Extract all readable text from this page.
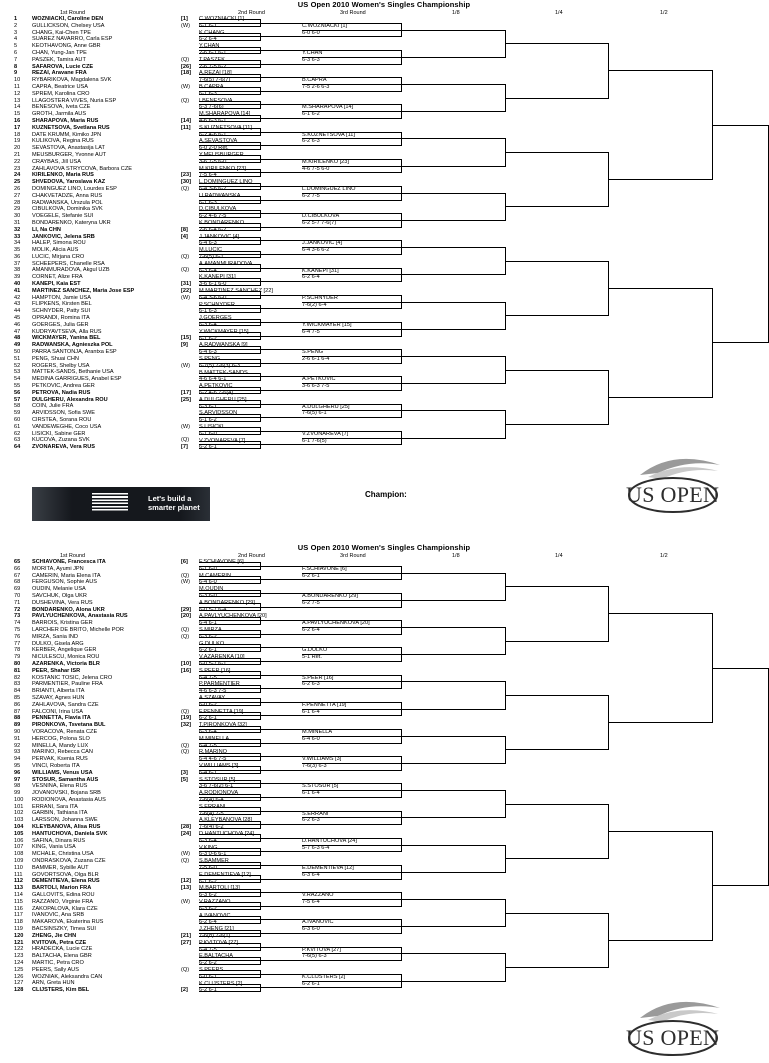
US Open 2010 Women's Singles Championship
1st Round	2nd Round	3rd Round	1/8	1/4	1/2
1	WOZNIACKI, Caroline DEN	[1]
2	GULLICKSON, Chelsey USA	(W)
3	CHANG, Kai-Chen TPE
4	SUAREZ NAVARRO, Carla ESP
5	KEOTHAVONG, Anne GBR
6	CHAN, Yung-Jan TPE
7	PASZEK, Tamira AUT	(Q)
8	SAFAROVA, Lucie CZE	[26]
9	REZAI, Aravane FRA	[18]
10	RYBARIKOVA, Magdalena SVK
11	CAPRA, Beatrice USA	(W)
12	SPREM, Karolina CRO
13	LLAGOSTERA VIVES, Nuria ESP	(Q)
14	BENESOVA, Iveta CZE
15	GROTH, Jarmila AUS
16	SHARAPOVA, Maria RUS	[14]
17	KUZNETSOVA, Svetlana RUS	[11]
18	DATE KRUMM, Kimiko JPN
19	KULIKOVA, Regina RUS
20	SEVASTOVA, Anastasija LAT
21	MEUSBURGER, Yvonne AUT
22	CRAYBAS, Jill USA
23	ZAHLAVOVA STRYCOVA, Barbora CZE
24	KIRILENKO, Maria RUS	[23]
25	SHVEDOVA, Yaroslava KAZ	[30]
26	DOMINGUEZ LINO, Lourdes ESP	(Q)
27	CHAKVETADZE, Anna RUS
28	RADWANSKA, Urszula POL
29	CIBULKOVA, Dominika SVK
30	VOEGELE, Stefanie SUI
31	BONDARENKO, Kateryna UKR
32	LI, Na CHN	[8]
33	JANKOVIC, Jelena SRB	[4]
34	HALEP, Simona ROU
35	MOLIK, Alicia AUS
36	LUCIC, Mirjana CRO	(Q)
37	SCHEEPERS, Chanelle RSA
38	AMANMURADOVA, Akgul UZB	(Q)
39	CORNET, Alize FRA
40	KANEPI, Kaia EST	[31]
41	MARTINEZ SANCHEZ, Maria Jose ESP	[22]
42	HAMPTON, Jamie USA	(W)
43	FLIPKENS, Kirsten BEL
44	SCHNYDER, Patty SUI
45	OPRANDI, Romina ITA
46	GOERGES, Julia GER
47	KUDRYAVTSEVA, Alla RUS
48	WICKMAYER, Yanina BEL	[15]
49	RADWANSKA, Agnieszka POL	[9]
50	PARRA SANTONJA, Arantxa ESP
51	PENG, Shuai CHN
52	ROGERS, Shelby USA	(W)
53	MATTEK-SANDS, Bethanie USA
54	MEDINA GARRIGUES, Anabel ESP
55	PETKOVIC, Andrea GER
56	PETROVA, Nadia RUS	[17]
57	DULGHERU, Alexandra ROU	[25]
58	COIN, Julie FRA
59	ARVIDSSON, Sofia SWE
60	CIRSTEA, Sorana ROU
61	VANDEWEGHE, Coco USA	(W)
62	LISICKI, Sabine GER
63	KUCOVA, Zuzana SVK	(Q)
64	ZVONAREVA, Vera RUS	[7]
C.WOZNIACKI [1]
6-1 6-1
K.CHANG
6-2 6-4
Y.CHAN
2-6 6-1 6-1
T.PASZEK
2-6 7-5 6-2
A.REZAI [18]
7-6(5) 7-6(7)
B.CAPRA
6-1 6-3
I.BENESOVA
6-3 7-6(6)
M.SHARAPOVA [14]
4-6 6-3 6-1
S.KUZNETSOVA [11]
6-2 4-6 6-1
A.SEVASTOVA
6-0 2-0 Ret.
Y.MEUSBURGER
3-6 7-5 6-0
M.KIRILENKO [23]
7-5 6-4
L.DOMINGUEZ LINO
6-4 3-6 6-2
U.RADWANSKA
6-1 6-3
D.CIBULKOVA
6-2 4-6 7-5
K.BONDARENKO
2-6 6-4 6-2
J.JANKOVIC [4]
6-4 6-3
M.LUCIC
7-6(5) 6-1
A.AMANMURADOVA
6-3 6-4
K.KANEPI [31]
3-6 6-1 6-0
M.MARTINEZ SANCHEZ [22]
6-4 3-6 6-0
P.SCHNYDER
6-1 6-3
J.GOERGES
6-3 6-4
Y.WICKMAYER [15]
6-1 6-2
A.RADWANSKA [9]
6-4 6-3
S.PENG
6-7(5) 7-6(3) 6-3
B.MATTEK-SANDS
4-6 6-4 6-1
A.PETKOVIC
6-2 4-6 7-6(4)
A.DULGHERU [25]
6-3 6-1
S.ARVIDSSON
6-1 6-2
S.LISICKI
6-1 6-0
V.ZVONAREVA [7]
6-2 6-1
C.WOZNIACKI [1]
6-0 6-0
Y.CHAN
6-3 6-3
B.CAPRA
7-5 2-6 6-3
M.SHARAPOVA [14]
6-1 6-2
S.KUZNETSOVA [11]
6-2 6-3
M.KIRILENKO [23]
4-6 7-5 6-0
L.DOMINGUEZ LINO
6-2 7-5
D.CIBULKOVA
6-2 5-7 7-6(7)
J.JANKOVIC [4]
6-4 3-6 6-2
K.KANEPI [31]
6-2 6-4
P.SCHNYDER
7-6(2) 6-4
Y.WICKMAYER [15]
6-4 7-5
S.PENG
2-6 6-1 6-4
A.PETKOVIC
3-6 6-3 7-5
A.DULGHERU [25]
7-6(5) 6-1
V.ZVONAREVA [7]
6-1 7-6(5)
Let's build a
smarter planet
Champion:	US OPEN
US Open 2010 Women's Singles Championship
1st Round	2nd Round	3rd Round	1/8	1/4	1/2
65	SCHIAVONE, Francesca ITA	[6]
66	MORITA, Ayumi JPN
67	CAMERIN, Maria Elena ITA	(Q)
68	FERGUSON, Sophie AUS	(W)
69	OUDIN, Melanie USA
70	SAVCHUK, Olga UKR
71	DUSHEVINA, Vera RUS
72	BONDARENKO, Alona UKR	[29]
73	PAVLYUCHENKOVA, Anastasia RUS	[20]
74	BARROIS, Kristina GER
75	LARCHER DE BRITO, Michelle POR	(Q)
76	MIRZA, Sania IND	(Q)
77	DULKO, Gisela ARG
78	KERBER, Angelique GER
79	NICULESCU, Monica ROU
80	AZARENKA, Victoria BLR	[10]
81	PEER, Shahar ISR	[16]
82	KOSTANIC TOSIC, Jelena CRO
83	PARMENTIER, Pauline FRA
84	BRIANTI, Alberta ITA
85	SZAVAY, Agnes HUN
86	ZAHLAVOVA, Sandra CZE
87	FALCONI, Irina USA	(Q)
88	PENNETTA, Flavia ITA	[19]
89	PIRONKOVA, Tsvetana BUL	[32]
90	VORACOVA, Renata CZE
91	HERCOG, Polona SLO
92	MINELLA, Mandy LUX	(Q)
93	MARINO, Rebecca CAN	(Q)
94	PERVAK, Ksenia RUS
95	VINCI, Roberta ITA
96	WILLIAMS, Venus USA	[3]
97	STOSUR, Samantha AUS	[5]
98	VESNINA, Elena RUS
99	JOVANOVSKI, Bojana SRB
100	RODIONOVA, Anastasia AUS
101	ERRANI, Sara ITA
102	GARBIN, Tathiana ITA
103	LARSSON, Johanna SWE
104	KLEYBANOVA, Alisa RUS	[28]
105	HANTUCHOVA, Daniela SVK	[24]
106	SAFINA, Dinara RUS
107	KING, Vania USA
108	MCHALE, Christina USA	(W)
109	ONDRASKOVA, Zuzana CZE	(Q)
110	BAMMER, Sybille AUT
111	GOVORTSOVA, Olga BLR
112	DEMENTIEVA, Elena RUS	[12]
113	BARTOLI, Marion FRA	[13]
114	GALLOVITS, Edina ROU
115	RAZZANO, Virginie FRA	(W)
116	ZAKOPALOVA, Klara CZE
117	IVANOVIC, Ana SRB
118	MAKAROVA, Ekaterina RUS
119	BACSINSZKY, Timea SUI
120	ZHENG, Jie CHN	[21]
121	KVITOVA, Petra CZE	[27]
122	HRADECKA, Lucie CZE
123	BALTACHA, Elena GBR
124	MARTIC, Petra CRO
125	PEERS, Sally AUS	(Q)
126	WOZNIAK, Aleksandra CAN
127	ARN, Greta HUN
128	CLIJSTERS, Kim BEL	[2]
F.SCHIAVONE [6]
6-1 6-0
M.CAMERIN
6-4 6-0
M.OUDIN
6-3 6-0
A.BONDARENKO [29]
6-0 5-7 6-4
A.PAVLYUCHENKOVA [20]
6-4 6-1
S.MIRZA
6-3 6-2
G.DULKO
6-2 6-1
V.AZARENKA [10]
6-0 5-7 6-1
S.PEER [16]
6-4 7-5
P.PARMENTIER
4-6 6-3 7-5
A.SZAVAY
6-0 6-2
F.PENNETTA [19]
6-2 6-1
T.PIRONKOVA [32]
6-3 6-4
M.MINELLA
6-4 7-5
R.MARINO
6-4 4-6 7-5
V.WILLIAMS [3]
6-4 6-1
S.STOSUR [5]
3-6 7-6(2) 6-1
A.RODIONOVA
7-6(4) 6-4
S.ERRANI
7-6(4) 7-5
A.KLEYBANOVA [28]
7-6(4) 6-2
D.HANTUCHOVA [24]
6-3 6-4
V.KING
6-3 0-6 6-1
S.BAMMER
7-5 6-0
E.DEMENTIEVA [12]
6-1 6-2
M.BARTOLI [13]
6-3 6-2
V.RAZZANO
6-3 6-2
A.IVANOVIC
6-2 6-4
J.ZHENG [21]
7-6(8) 7-6(1)
P.KVITOVA [27]
6-4 7-5
E.BALTACHA
6-2 6-2
S.PEERS
6-0 6-1
K.CLIJSTERS [2]
6-2 6-1
F.SCHIAVONE [6]
6-2 6-1
A.BONDARENKO [29]
6-2 7-5
A.PAVLYUCHENKOVA [20]
6-2 6-4
G.DULKO
5-1 Ret.
S.PEER [16]
6-2 6-3
F.PENNETTA [19]
6-1 6-4
M.MINELLA
6-4 6-0
V.WILLIAMS [3]
7-6(3) 6-3
S.STOSUR [5]
6-1 6-4
S.ERRANI
6-2 6-3
D.HANTUCHOVA [24]
5-7 6-3 6-4
E.DEMENTIEVA [12]
6-3 6-4
V.RAZZANO
7-5 6-4
A.IVANOVIC
6-3 6-0
P.KVITOVA [27]
7-6(5) 6-3
K.CLIJSTERS [2]
6-2 6-1
US OPEN
